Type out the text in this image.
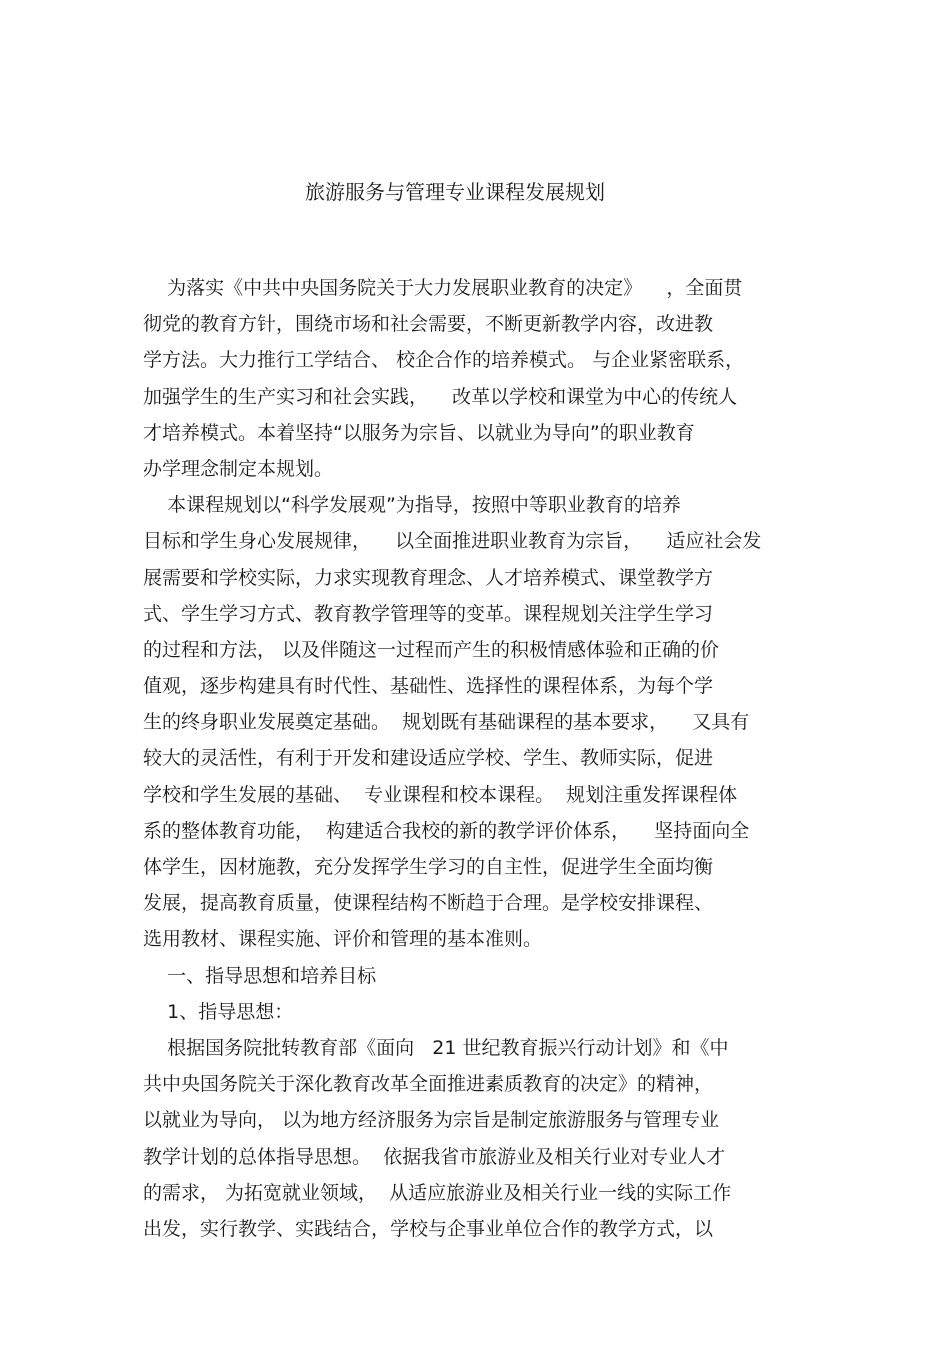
旅游服务与管理专业课程发展规划
为落实《中共中央国务院关于大力发展职业教育的决定》    ，全面贯
彻党的教育方针，围绕市场和社会需要，不断更新教学内容，改进教
学方法。大力推行工学结合、 校企合作的培养模式。 与企业紧密联系，
加强学生的生产实习和社会实践，    改革以学校和课堂为中心的传统人
才培养模式。本着坚持“以服务为宗旨、以就业为导向”的职业教育
办学理念制定本规划。
本课程规划以“科学发展观”为指导，按照中等职业教育的培养
目标和学生身心发展规律，    以全面推进职业教育为宗旨，    适应社会发
展需要和学校实际，力求实现教育理念、人才培养模式、课堂教学方
式、学生学习方式、教育教学管理等的变革。课程规划关注学生学习
的过程和方法， 以及伴随这一过程而产生的积极情感体验和正确的价
值观，逐步构建具有时代性、基础性、选择性的课程体系，为每个学
生的终身职业发展奠定基础。  规划既有基础课程的基本要求，    又具有
较大的灵活性，有利于开发和建设适应学校、学生、教师实际，促进
学校和学生发展的基础、  专业课程和校本课程。  规划注重发挥课程体
系的整体教育功能，  构建适合我校的新的教学评价体系，    坚持面向全
体学生，因材施教，充分发挥学生学习的自主性，促进学生全面均衡
发展，提高教育质量，使课程结构不断趋于合理。是学校安排课程、
选用教材、课程实施、评价和管理的基本准则。
一、指导思想和培养目标
1、指导思想：
根据国务院批转教育部《面向   21 世纪教育振兴行动计划》和《中
共中央国务院关于深化教育改革全面推进素质教育的决定》的精神，
以就业为导向， 以为地方经济服务为宗旨是制定旅游服务与管理专业
教学计划的总体指导思想。  依据我省市旅游业及相关行业对专业人才
的需求， 为拓宽就业领域，  从适应旅游业及相关行业一线的实际工作
出发，实行教学、实践结合，学校与企事业单位合作的教学方式，以
